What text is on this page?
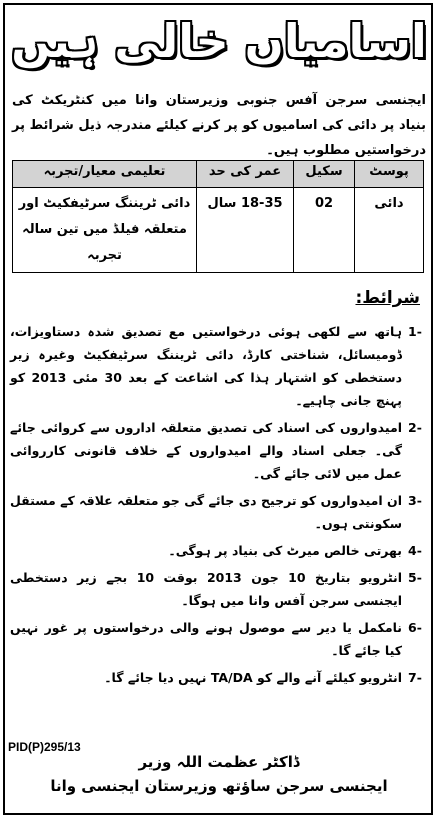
اسامیاں خالی ہیں
ایجنسی سرجن آفس جنوبی وزیرستان وانا میں کنٹریکٹ کی بنیاد پر دائی کی اسامیوں کو پر کرنے کیلئے مندرجہ ذیل شرائط پر درخواستیں مطلوب ہیں۔
پوسٹ	سکیل	عمر کی حد	تعلیمی معیار/تجربہ
دائی	02	18-35 سال	دائی ٹریننگ سرٹیفکیٹ اور متعلقہ فیلڈ میں تین سالہ تجربہ
شرائط:
1-
ہاتھ سے لکھی ہوئی درخواستیں مع تصدیق شدہ دستاویزات، ڈومیسائل، شناختی کارڈ، دائی ٹریننگ سرٹیفکیٹ وغیرہ زیر دستخطی کو اشتہار ہذا کی اشاعت کے بعد 30 مئی 2013 کو پہنچ جانی چاہیے۔
2-
امیدواروں کی اسناد کی تصدیق متعلقہ اداروں سے کروائی جائے گی۔ جعلی اسناد والے امیدواروں کے خلاف قانونی کارروائی عمل میں لائی جائے گی۔
3-
ان امیدواروں کو ترجیح دی جائے گی جو متعلقہ علاقہ کے مستقل سکونتی ہوں۔
4-
بھرتی خالص میرٹ کی بنیاد پر ہوگی۔
5-
انٹرویو بتاریخ 10 جون 2013 بوقت 10 بجے زیر دستخطی ایجنسی سرجن آفس وانا میں ہوگا۔
6-
نامکمل یا دیر سے موصول ہونے والی درخواستوں پر غور نہیں کیا جائے گا۔
7-
انٹرویو کیلئے آنے والے کو TA/DA نہیں دیا جائے گا۔
PID(P)295/13
ڈاکٹر عظمت اللہ وزیر
ایجنسی سرجن ساؤتھ وزیرستان ایجنسی وانا
